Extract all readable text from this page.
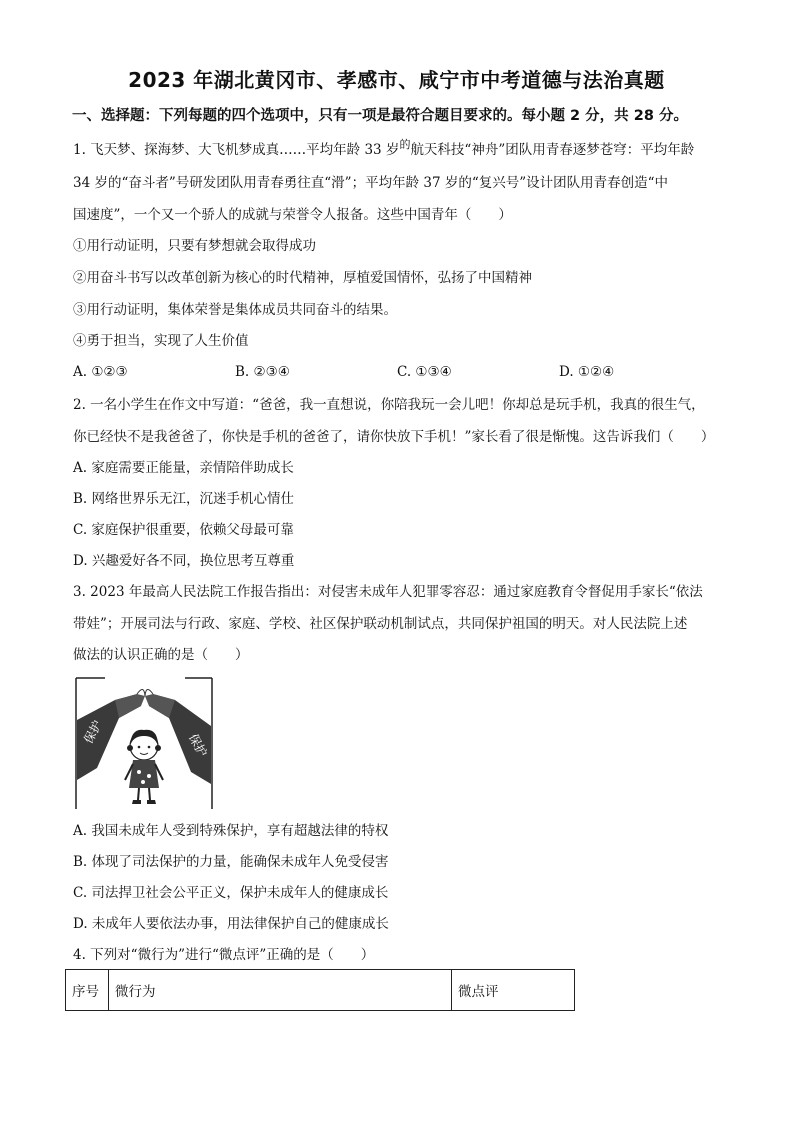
2023 年湖北黄冈市、孝感市、咸宁市中考道德与法治真题
一、选择题：下列每题的四个选项中，只有一项是最符合题目要求的。每小题 2 分，共 28 分。
1. 飞天梦、探海梦、大飞机梦成真……平均年龄 33 岁$^的$航天科技“神舟”团队用青春逐梦苍穹：平均年龄
34 岁的“奋斗者”号研发团队用青春勇往直“滑”；平均年龄 37 岁的“复兴号”设计团队用青春创造“中
国速度”，一个又一个骄人的成就与荣誉令人报备。这些中国青年（　　）
①用行动证明，只要有梦想就会取得成功
②用奋斗书写以改革创新为核心的时代精神，厚植爱国情怀，弘扬了中国精神
③用行动证明，集体荣誉是集体成员共同奋斗的结果。
④勇于担当，实现了人生价值
A. ①②③	B. ②③④	C. ①③④	D. ①②④
2. 一名小学生在作文中写道：“爸爸，我一直想说，你陪我玩一会儿吧！你却总是玩手机，我真的很生气，
你已经快不是我爸爸了，你快是手机的爸爸了，请你快放下手机！”家长看了很是惭愧。这告诉我们（　　）
A. 家庭需要正能量，亲情陪伴助成长
B. 网络世界乐无江，沉迷手机心情仕
C. 家庭保护很重要，依赖父母最可靠
D. 兴趣爱好各不同，换位思考互尊重
3. 2023 年最高人民法院工作报告指出：对侵害未成年人犯罪零容忍：通过家庭教育令督促用手家长“依法
带娃”；开展司法与行政、家庭、学校、社区保护联动机制试点，共同保护祖国的明天。对人民法院上述
做法的认识正确的是（　　）
保护	保护
A. 我国未成年人受到特殊保护，享有超越法律的特权
B. 体现了司法保护的力量，能确保未成年人免受侵害
C. 司法捍卫社会公平正义，保护未成年人的健康成长
D. 未成年人要依法办事，用法律保护自己的健康成长
4. 下列对“微行为”进行“微点评”正确的是（　　）
序号	微行为	微点评
